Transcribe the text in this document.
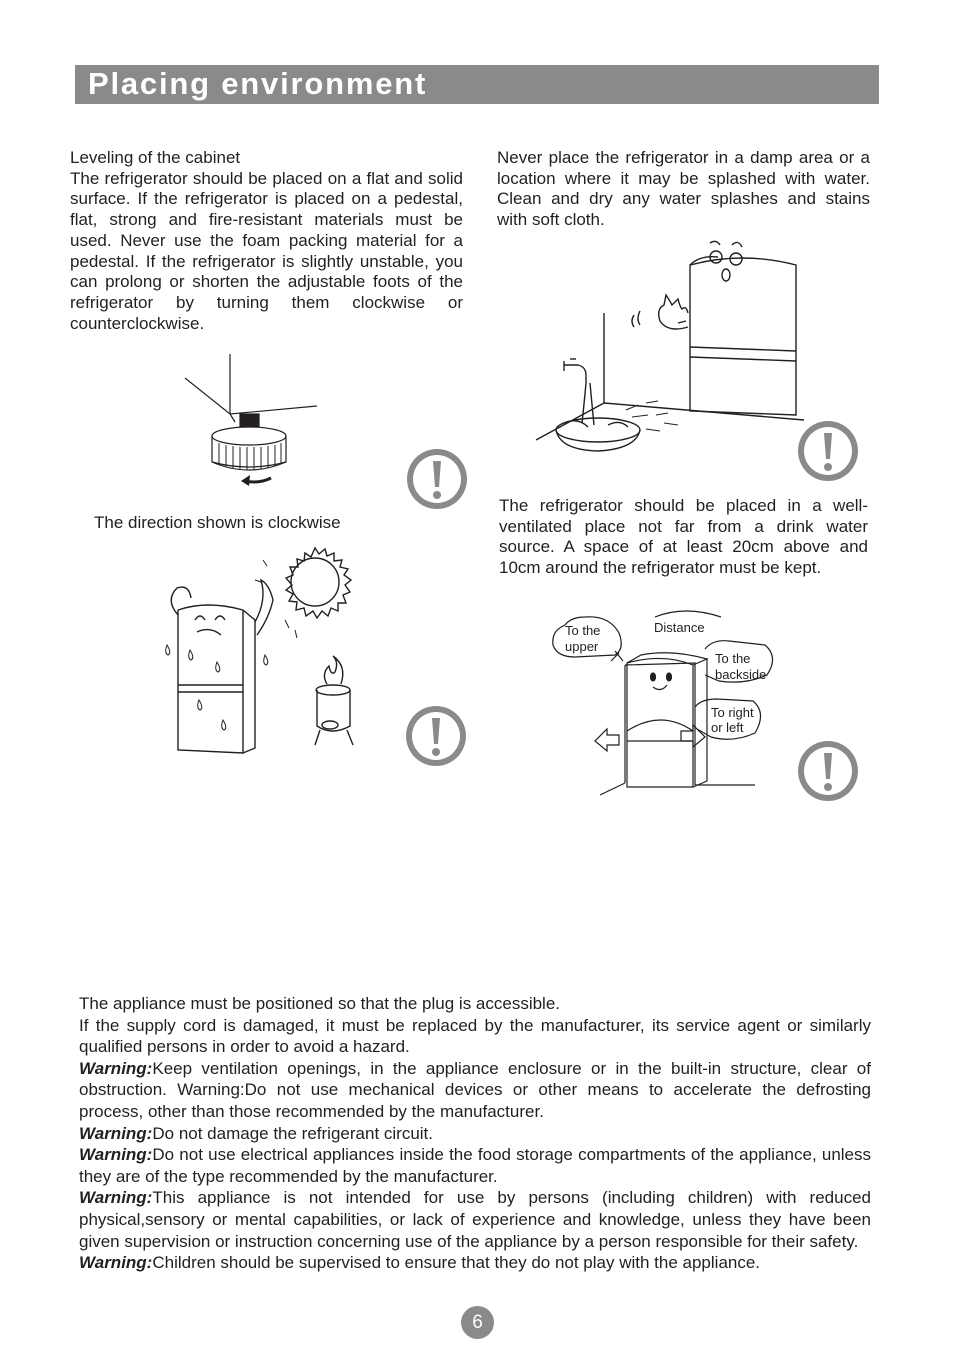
Placing environment

Leveling of the cabinet

The refrigerator should be placed on a flat and solid surface. If the refrigerator is placed on a pedestal, flat, strong and fire-resistant materials must be used. Never use the foam packing material for a pedestal. If the refrigerator is slightly unstable, you can prolong or shorten the adjustable foots of the refrigerator by turning them clockwise or counterclockwise.

Never place the refrigerator in a damp area or a location where it may be splashed with water. Clean and dry any water splashes and stains with soft cloth.

The direction shown is clockwise

The refrigerator should be placed in a well-ventilated place not far from a drink water source. A space of at least 20cm above and 10cm around the refrigerator must be kept.

To the
upper
Distance
To the
backside
To right
or left

The appliance must be positioned so that the plug is accessible.

If the supply cord is damaged, it must be replaced by the manufacturer, its service agent or similarly qualified persons in order to avoid a hazard.

Warning:Keep ventilation openings, in the appliance enclosure or in the built-in structure, clear of obstruction. Warning:Do not use mechanical devices or other means to accelerate the defrosting process, other than those recommended by the manufacturer.

Warning:Do not damage the refrigerant circuit.

Warning:Do not use electrical appliances inside the food storage compartments of the appliance, unless they are of the type recommended by the manufacturer.

Warning:This appliance is not intended for use by persons (including children) with reduced physical,sensory or mental capabilities, or lack of experience and knowledge, unless they have been given supervision or instruction concerning use of the appliance by a person responsible for their safety.

Warning:Children should be supervised to ensure that they do not play with the appliance.

6
